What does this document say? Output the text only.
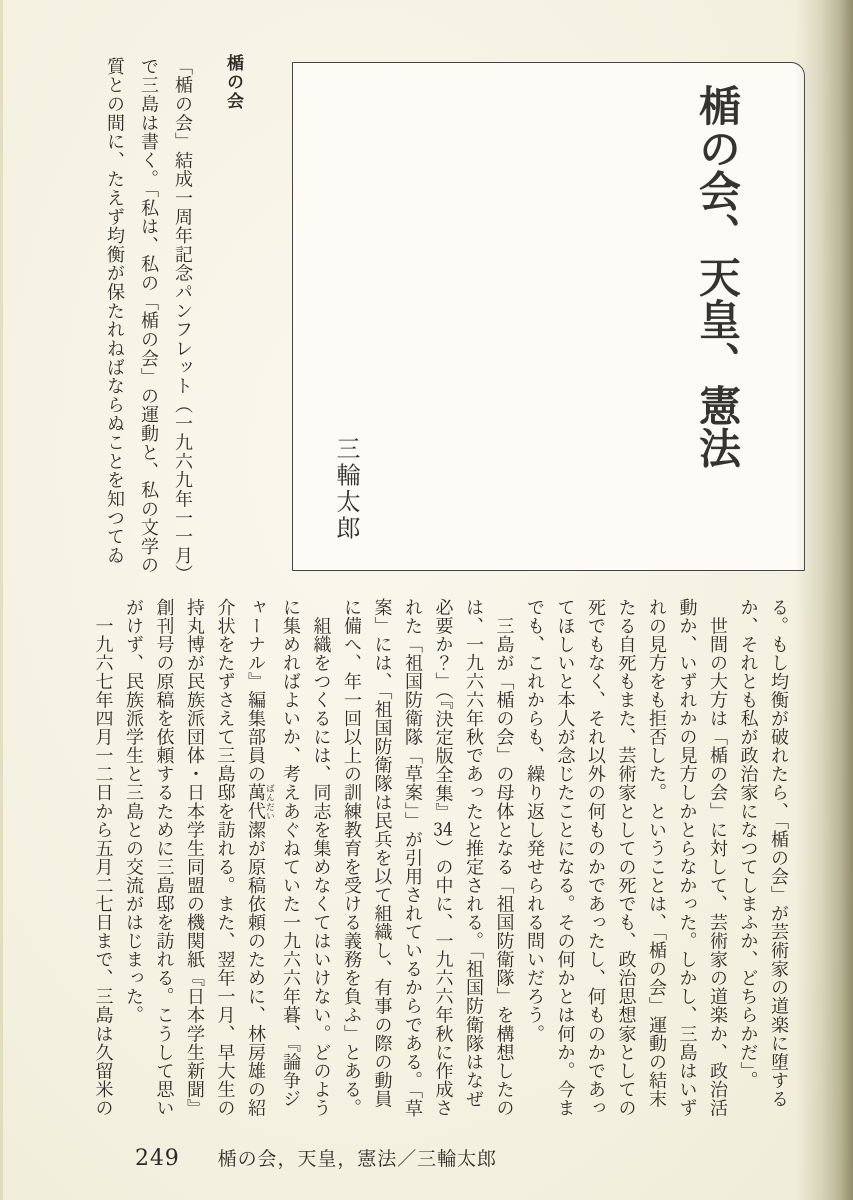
楯の会、天皇、憲法
三輪太郎
楯の会
「楯の会」結成一周年記念パンフレット（一九六九年一一月）
で三島は書く。「私は、私の「楯の会」の運動と、私の文学の
質との間に、たえず均衡が保たれねばならぬことを知つてゐ
る。もし均衡が破れたら、「楯の会」が芸術家の道楽に堕する
か、それとも私が政治家になつてしまふか、どちらかだ」。
　世間の大方は「楯の会」に対して、芸術家の道楽か、政治活
動か、いずれかの見方しかとらなかった。しかし、三島はいず
れの見方をも拒否した。ということは、「楯の会」運動の結末
たる自死もまた、芸術家としての死でも、政治思想家としての
死でもなく、それ以外の何ものかであったし、何ものかであっ
てほしいと本人が念じたことになる。その何かとは何か。今ま
でも、これからも、繰り返し発せられる問いだろう。
　三島が「楯の会」の母体となる「祖国防衛隊」を構想したの
は、一九六六年秋であったと推定される。「祖国防衛隊はなぜ
必要か？」（『決定版全集』34）の中に、一九六六年秋に作成さ
れた「祖国防衛隊「草案」」が引用されているからである。「草
案」には、「祖国防衛隊は民兵を以て組織し、有事の際の動員
に備へ、年一回以上の訓練教育を受ける義務を負ふ」とある。
　組織をつくるには、同志を集めなくてはいけない。どのよう
に集めればよいか、考えあぐねていた一九六六年暮、『論争ジ
ャーナル』編集部員の萬代ばんだい潔が原稿依頼のために、林房雄の紹
介状をたずさえて三島邸を訪れる。また、翌年一月、早大生の
持丸博が民族派団体・日本学生同盟の機関紙『日本学生新聞』
創刊号の原稿を依頼するために三島邸を訪れる。こうして思い
がけず、民族派学生と三島との交流がはじまった。
　一九六七年四月一二日から五月二七日まで、三島は久留米の
249 楯の会，天皇，憲法／三輪太郎
